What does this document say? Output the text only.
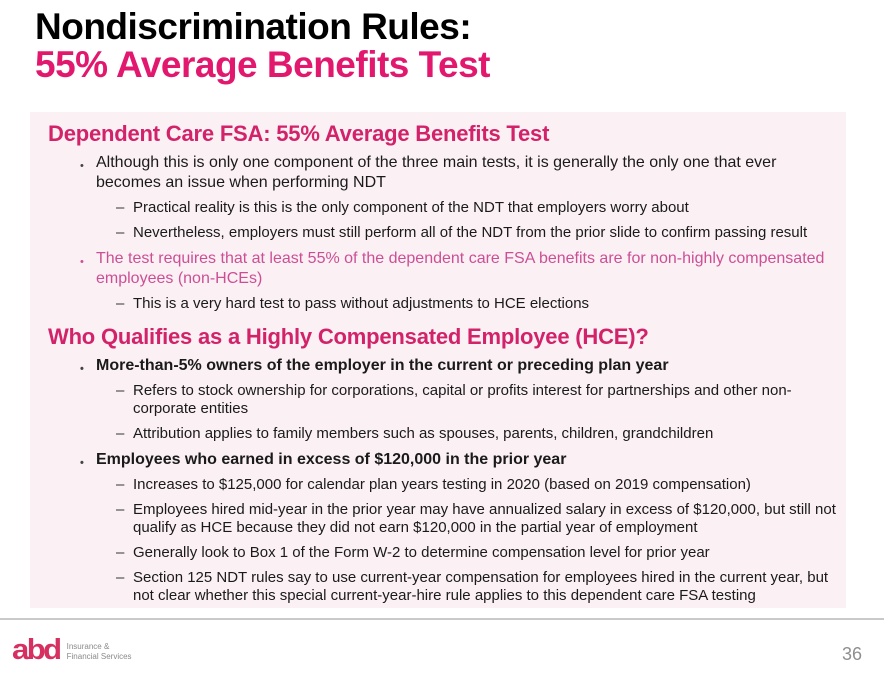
Nondiscrimination Rules:
55% Average Benefits Test
Dependent Care FSA: 55% Average Benefits Test
• Although this is only one component of the three main tests, it is generally the only one that ever becomes an issue when performing NDT
– Practical reality is this is the only component of the NDT that employers worry about
– Nevertheless, employers must still perform all of the NDT from the prior slide to confirm passing result
• The test requires that at least 55% of the dependent care FSA benefits are for non-highly compensated employees (non-HCEs)
– This is a very hard test to pass without adjustments to HCE elections
Who Qualifies as a Highly Compensated Employee (HCE)?
• More-than-5% owners of the employer in the current or preceding plan year
– Refers to stock ownership for corporations, capital or profits interest for partnerships and other non-corporate entities
– Attribution applies to family members such as spouses, parents, children, grandchildren
• Employees who earned in excess of $120,000 in the prior year
– Increases to $125,000 for calendar plan years testing in 2020 (based on 2019 compensation)
– Employees hired mid-year in the prior year may have annualized salary in excess of $120,000, but still not qualify as HCE because they did not earn $120,000 in the partial year of employment
– Generally look to Box 1 of the Form W-2 to determine compensation level for prior year
– Section 125 NDT rules say to use current-year compensation for employees hired in the current year, but not clear whether this special current-year-hire rule applies to this dependent care FSA testing
abd Insurance &
Financial Services	36
